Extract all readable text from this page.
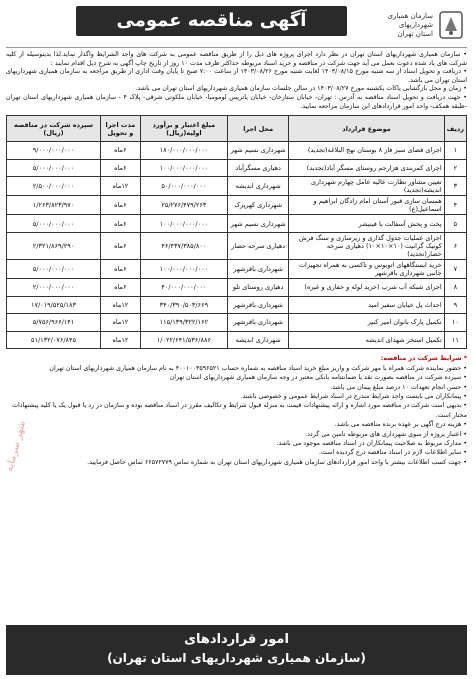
سازمان همیاری شهرداریهای
استان تهران
آگهی مناقصه عمومی

• سازمان همیاری شهرداریهای استان تهران در نظر دارد اجرای پروژه های ذیل را از طریق مناقصه عمومی به شرکت های واجد الشرایط واگذار نماید.لذا بدینوسیله از کلیه شرکت های یاد شده دعوت بعمل می آید جهت شرکت در مناقصه و خرید اسناد مربوطه حداکثر ظرف مدت ۱۰ روز از تاریخ چاپ آگهی به شرح ذیل اقدام نمایند :

• دریافت و تحویل اسناد از سه شنبه مورخ ۱۴۰۳/۰۸/۱۵ لغایت شنبه مورخ ۱۴۰۳/۰۸/۲۶ از ساعت ۷:۰۰ صبح تا پایان وقت اداری از طریق مراجعه به سازمان همیاری شهرداریهای استان تهران می باشد.

• زمان و محل بازگشایی پاکات یکشنبه مورخ ۱۴۰۳/۰۸/۲۷ در سالن جلسات سازمان همیاری شهرداریهای استان تهران می باشد.

• جهت دریافت و تحویل اسناد مناقصه به آدرس : تهران- خیابان ستارخان- خیابان پاتریس لومومبا- خیابان ملکوتی شرقی- پلاک ۴ - سازمان همیاری شهرداریهای استان تهران -طبقه همکف- واحد امور قراردادهای این سازمان مراجعه نمایید.

ردیف	موضوع قرارداد	محل اجرا	مبلغ اعتبار و برآورد اولیه(ریال)	مدت اجرا و تحویل	سپرده شرکت در مناقصه (ریال)
۱	اجرای فضای سبز فاز ۸ بوستان نهج البلاغه(تجدید)	شهرداری نسیم شهر	۱۸۰/۰۰۰/۰۰۰/۰۰۰	۶ماه	۹/۰۰۰/۰۰۰/۰۰۰
۲	اجرای کمربندی هزارجم روستای مسگر آباد(تجدید)	دهیاری مسگرآباد	۱۰۰/۰۰۰/۰۰۰/۰۰۰	۶ماه	۵/۰۰۰/۰۰۰/۰۰۰
۳	تعیین مشاور نظارت عالیه عامل چهارم شهرداری اندیشه(تجدید)	شهرداری اندیشه	۵۰/۰۰۰/۰۰۰/۰۰۰	۱۲ماه	۲/۵۰۰/۰۰۰/۰۰۰
۴	همسان سازی قبور آستان امام زادگان ابراهیم و اسماعیل(ع)	شهرداری کهریزک	۲۵/۲۷۶/۴۷۹/۲۶۳	۶ماه	۱/۲۶۳/۸۲۳/۹۷۰
۵	پخت و پخش آسفالت با فینیشر	شهرداری نسیم شهر	۱۰۰/۰۰۰/۰۰۰/۰۰۰	۶ماه	۵/۰۰۰/۰۰۰/۰۰۰
۶	اجرای عملیات جدول گذاری و زیرسازی و سنگ فرش کوبیک گرانیت (۱۰×۱۰×۱۰) دهیاری سرخه حصار(تجدید)	دهیاری سرخه حصار	۴۶/۴۳۷/۳۸۵/۸۰۰	۶ماه	۲/۳۲۱/۸۶۹/۲۹۰
۷	خرید ایستگاههای اتوبوس و تاکسی به همراه تجهیزات جانبی شهرداری باقرشهر	شهرداری باقرشهر	۱۰۰/۰۰۰/۰۰۰/۰۰۰	۶ماه	۵/۰۰۰/۰۰۰/۰۰۰
۸	اجرای شبکه آب شرب (خرید لوله و حفاری و غیره)	دهیاری روستای تلو	۴۰/۰۰۰/۰۰۰/۰۰۰	۶ماه	۲/۰۰۰/۰۰۰/۰۰۰
۹	احداث پل خیابان سفیر امید	شهرداری باقرشهر	۳۴۰/۳۹۰/۵۰۳/۶۶۹	۱۲ماه	۱۷/۰۱۹/۵۲۵/۱۸۳
۱۰	تکمیل پارک بانوان امیر کبیر	شهرداری باقرشهر	۱۱۵/۱۳۹/۳۲۲/۱۶۲	۱۲ماه	۵/۷۵۶/۹۶۶/۱۴۱
۱۱	تکمیل استخر شهدای اندیشه	شهرداری اندیشه	۱/۰۲۲/۶۴۱/۵۳۶/۸۸۶	۱۲ماه	۵۱/۱۳۲/۰۷۶/۸۴۵
* شرایط شرکت در مناقصه:
• حضور نماینده شرکت همراه با مهر شرکت و واریز مبلغ خرید اسناد مناقصه به شماره حساب ۴۰۰۱۰۰۳۵۹۶۵۲۱ به نام سازمان همیاری شهرداریهای استان تهران
• سپرده شرکت در مناقصه بصورت نقد یا ضمانتنامه بانکی معتبر در وجه سازمان همیاری شهرداریهای استان تهران
• حسن انجام تعهدات ۱۰ درصد مبلغ پیمان می باشد.
• پیمانکاران می بایست واجد شرایط مندرج در اسناد شرایط عمومی و خصوصی باشند.
• بدیهی است شرکت در مناقصه مورد اشاره و ارائه پیشنهادات قیمت به منزله قبول شرایط و تکالیف مقرر در اسناد مناقصه بوده و سازمان در رد یا قبول یک یا کلیه پیشنهادات مختار است.
• هزینه درج آگهی بر عهده برنده مناقصه می باشد.
• اعتبار پروژه از سوی شهرداری های مربوطه تامین می گردد.
• مدارک مربوط به صلاحیت پیمانکاران در اسناد مناقصه موجود می باشد.
• سایر اطلاعات لازم در اسناد مناقصه درج گردیده است.
• جهت کسب اطلاعات بیشتر با واحد امور قراردادهای سازمان همیاری شهرداریهای استان تهران به شماره تماس ۶۶۵۷۲۷۷۹ تماس حاصل فرمایید.
شهر سرمایه
امور قراردادهای
(سازمان همیاری شهرداریهای استان تهران)
